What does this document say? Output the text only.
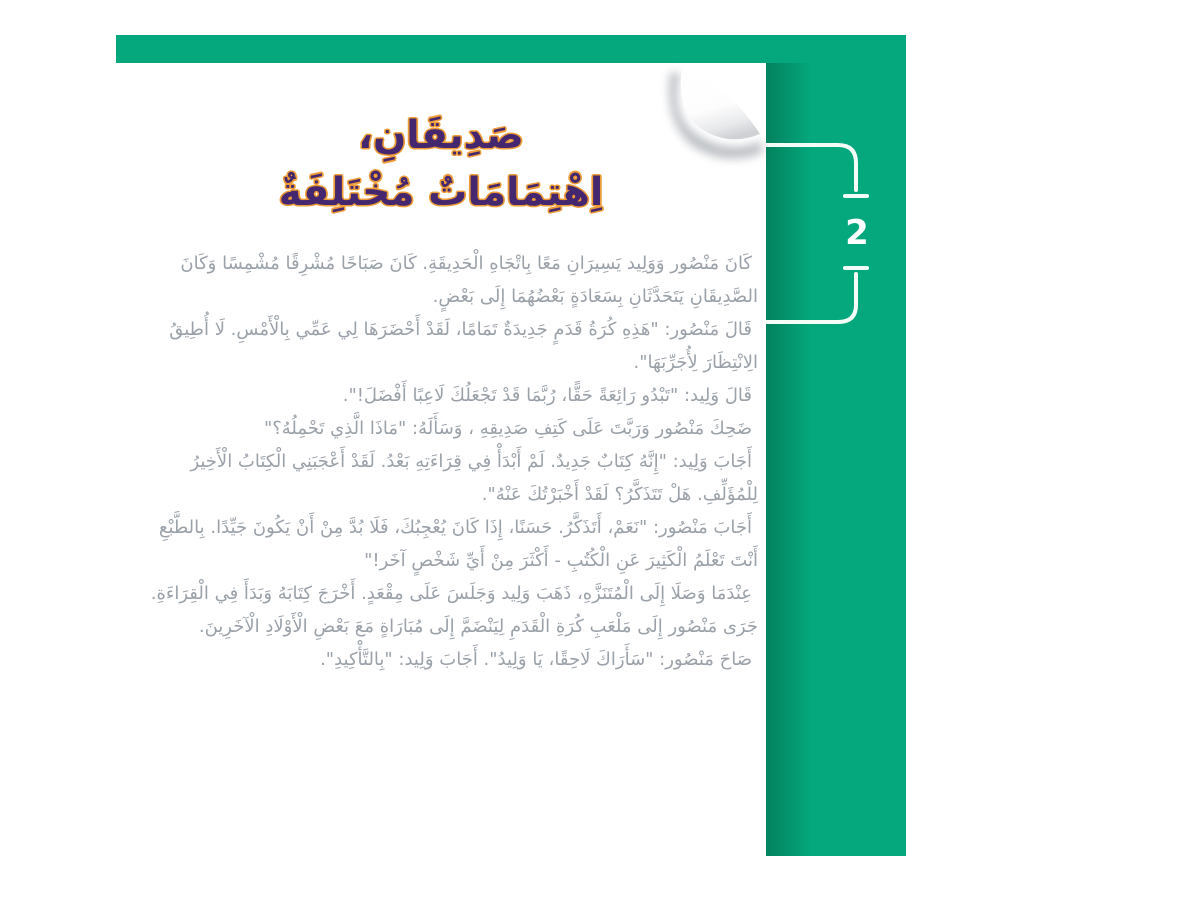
2
صَدِيقَانِ،
اِهْتِمَامَاتٌ مُخْتَلِفَةٌ

كَانَ مَنْصُور وَوَلِيد يَسِيرَانِ مَعًا بِاتْجَاهِ الْحَدِيقَةِ. كَانَ صَبَاحًا مُشْرِقًا مُشْمِسًا وَكَانَ الصَّدِيقَانِ يَتَحَدَّثَانِ بِسَعَادَةٍ بَعْضُهُمَا إِلَى بَعْضٍ.

قَالَ مَنْصُور: "هَذِهِ كُرَةُ قَدَمٍ جَدِيدَةٌ تَمَامًا، لَقَدْ أَحْضَرَهَا لِي عَمِّي بِالْأَمْسِ. لَا أُطِيقُ الِانْتِظَارَ لِأُجَرِّبَهَا".

قَالَ وَلِيد: "تَبْدُو رَائِعَةً حَقًّا، رُبَّمَا قَدْ تَجْعَلُكَ لَاعِبًا أَفْضَلَ!".

ضَحِكَ مَنْصُور وَرَبَّتَ عَلَى كَتِفِ صَدِيقِهِ ، وَسَأَلَهُ: "مَاذَا الَّذِي تَحْمِلُهُ؟"

أَجَابَ وَلِيد: "إِنَّهُ كِتَابٌ جَدِيدٌ. لَمْ أَبْدَأْ فِي قِرَاءَتِهِ بَعْدُ. لَقَدْ أَعْجَبَنِي الْكِتَابُ الْأَخِيرُ لِلْمُؤَلِّفِ. هَلْ تَتَذَكَّرُ؟ لَقَدْ أَخْبَرْتُكَ عَنْهُ".

أَجَابَ مَنْصُور: "نَعَمْ، أَتَذَكَّرُ. حَسَنًا، إِذَا كَانَ يُعْجِبُكَ، فَلَا بُدَّ مِنْ أَنْ يَكُونَ جَيِّدًا. بِالطَّبْعِ أَنْتَ تَعْلَمُ الْكَثِيرَ عَنِ الْكُتُبِ - أَكْثَرَ مِنْ أَيِّ شَخْصٍ آخَر!"

عِنْدَمَا وَصَلَا إِلَى الْمُتَنَزَّهِ، ذَهَبَ وَلِيد وَجَلَسَ عَلَى مِقْعَدٍ. أَخْرَجَ كِتَابَهُ وَبَدَأَ فِي الْقِرَاءَةِ. جَرَى مَنْصُور إِلَى مَلْعَبِ كُرَةِ الْقَدَمِ لِيَنْضَمَّ إِلَى مُبَارَاةٍ مَعَ بَعْضِ الْأَوْلَادِ الْآخَرِينَ.

صَاحَ مَنْصُور: "سَأَرَاكَ لَاحِقًا، يَا وَلِيدُ". أَجَابَ وَلِيد: "بِالتَّأْكِيدِ".
